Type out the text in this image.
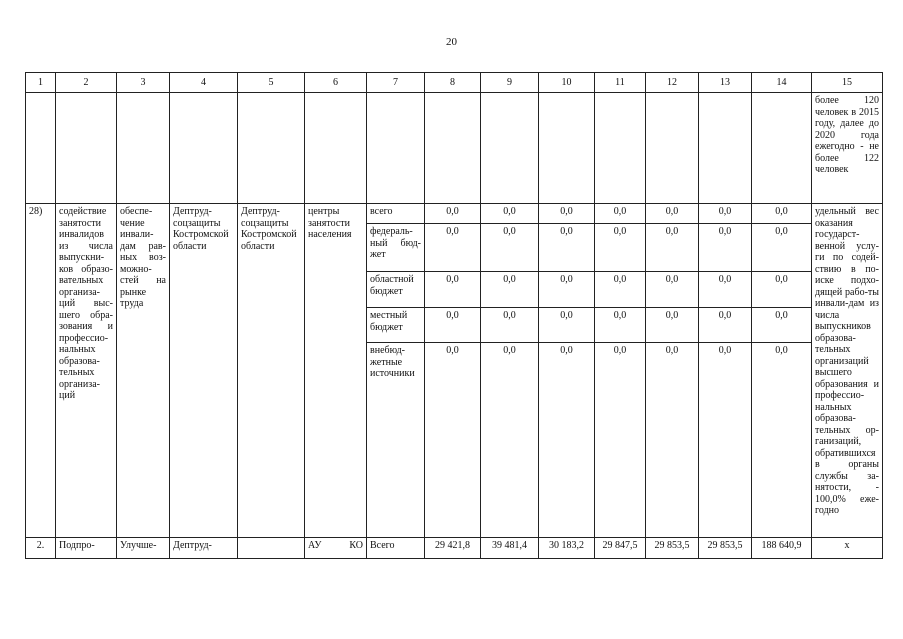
20
1	2	3	4	5	6	7	8	9	10	11	12	13	14	15
														более 120 человек в 2015 году, далее до 2020 года ежегодно - не более 122 человек
28)	содействие занятости инвалидов из числа выпускни-ков образо-вательных организа-ций выс-шего обра-зования и профессио-нальных образова-тельных организа-ций	обеспе-чение инвали-дам рав-ных воз-можно-стей на рынке труда	Дептруд-соцзащиты Костромской области	Дептруд-соцзащиты Костромской области	центры занятости населения	всего	0,0	0,0	0,0	0,0	0,0	0,0	0,0	удельный вес оказания государст-венной услу-ги по содей-ствию в по-иске подхо-дящей рабо-ты инвали-дам из числа выпускников образова-тельных организаций высшего образования и профессио-нальных образова-тельных ор-ганизаций, обратившихся в органы службы за-нятости, - 100,0% еже-годно
						федераль-ный бюд-жет	0,0	0,0	0,0	0,0	0,0	0,0	0,0	
						областной бюджет	0,0	0,0	0,0	0,0	0,0	0,0	0,0	
						местный бюджет	0,0	0,0	0,0	0,0	0,0	0,0	0,0	
						внебюд-жетные источники	0,0	0,0	0,0	0,0	0,0	0,0	0,0	
2.	Подпро-	Улучше-	Дептруд-		АУ КО	Всего	29 421,8	39 481,4	30 183,2	29 847,5	29 853,5	29 853,5	188 640,9	х
